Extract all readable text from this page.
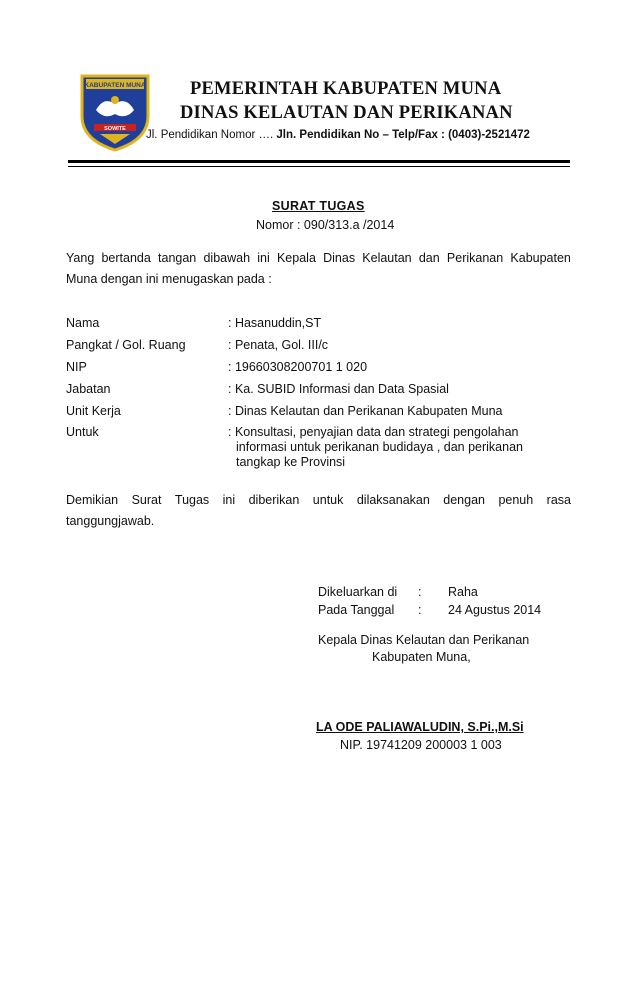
KABUPATEN MUNA
SOWITE
PEMERINTAH KABUPATEN MUNA
DINAS KELAUTAN DAN PERIKANAN
Jl. Pendidikan Nomor …. Jln. Pendidikan No – Telp/Fax : (0403)-2521472
SURAT TUGAS
Nomor : 090/313.a /2014
Yang bertanda tangan dibawah ini Kepala Dinas Kelautan dan Perikanan Kabupaten
Muna dengan ini menugaskan pada :
Nama	: Hasanuddin,ST
Pangkat / Gol. Ruang	: Penata, Gol. III/c
NIP	: 19660308200701 1 020
Jabatan	: Ka. SUBID Informasi dan Data Spasial
Unit Kerja	: Dinas Kelautan dan Perikanan Kabupaten Muna
Untuk	: Konsultasi, penyajian data dan strategi pengolahan
informasi untuk perikanan budidaya , dan perikanan
tangkap ke Provinsi
Demikian Surat Tugas ini diberikan untuk dilaksanakan dengan penuh rasa
tanggungjawab.
Dikeluarkan di : Raha
Pada Tanggal : 24 Agustus 2014
Kepala Dinas Kelautan dan Perikanan
Kabupaten Muna,
LA ODE PALIAWALUDIN, S.Pi.,M.Si
NIP. 19741209 200003 1 003
